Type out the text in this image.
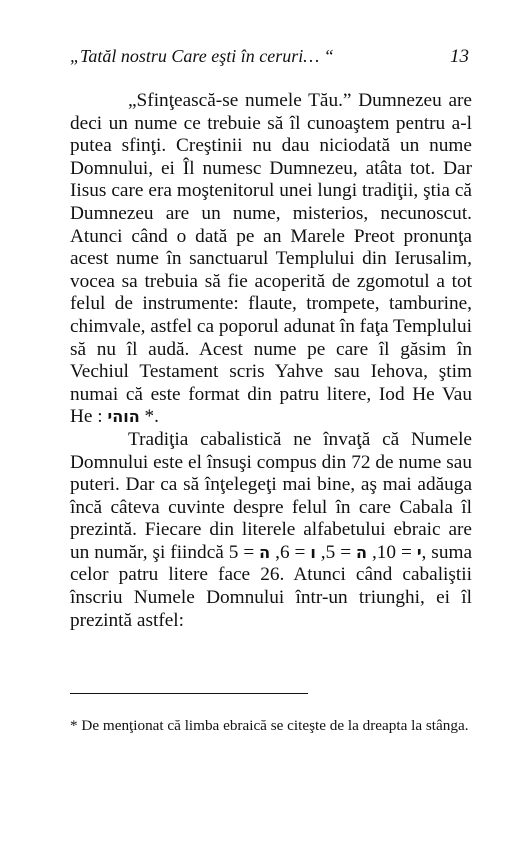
„Tatăl nostru Care eşti în ceruri… “	13

„Sfinţească-se numele Tău.” Dumnezeu are deci un nume ce trebuie să îl cunoaştem pentru a-l putea sfinţi. Creştinii nu dau niciodată un nume Domnului, ei Îl numesc Dumnezeu, atâta tot. Dar Iisus care era moştenitorul unei lungi tradiţii, ştia că Dumnezeu are un nume, misterios, necunoscut. Atunci când o dată pe an Marele Preot pronunţa acest nume în sanctuarul Templului din Ierusalim, vocea sa trebuia să fie acoperită de zgomotul a tot felul de instrumente: flaute, trompete, tamburine, chimvale, astfel ca poporul adunat în faţa Templului să nu îl audă. Acest nume pe care îl găsim în Vechiul Testament scris Yahve sau Iehova, ştim numai că este format din patru litere, Iod He Vau He : הוהי *.

Tradiţia cabalistică ne învaţă că Numele Domnului este el însuşi compus din 72 de nume sau puteri. Dar ca să înţelegeţi mai bine, aş mai adăuga încă câteva cuvinte despre felul în care Cabala îl prezintă. Fiecare din literele alfabetului ebraic are un număr, şi fiindcă	י = 10, ה = 5, ו = 6, ה = 5, suma celor patru litere face 26. Atunci când cabaliştii înscriu Numele Domnului într-un triunghi, ei îl prezintă astfel:

* De menţionat că limba ebraică se citeşte de la dreapta la stânga.
